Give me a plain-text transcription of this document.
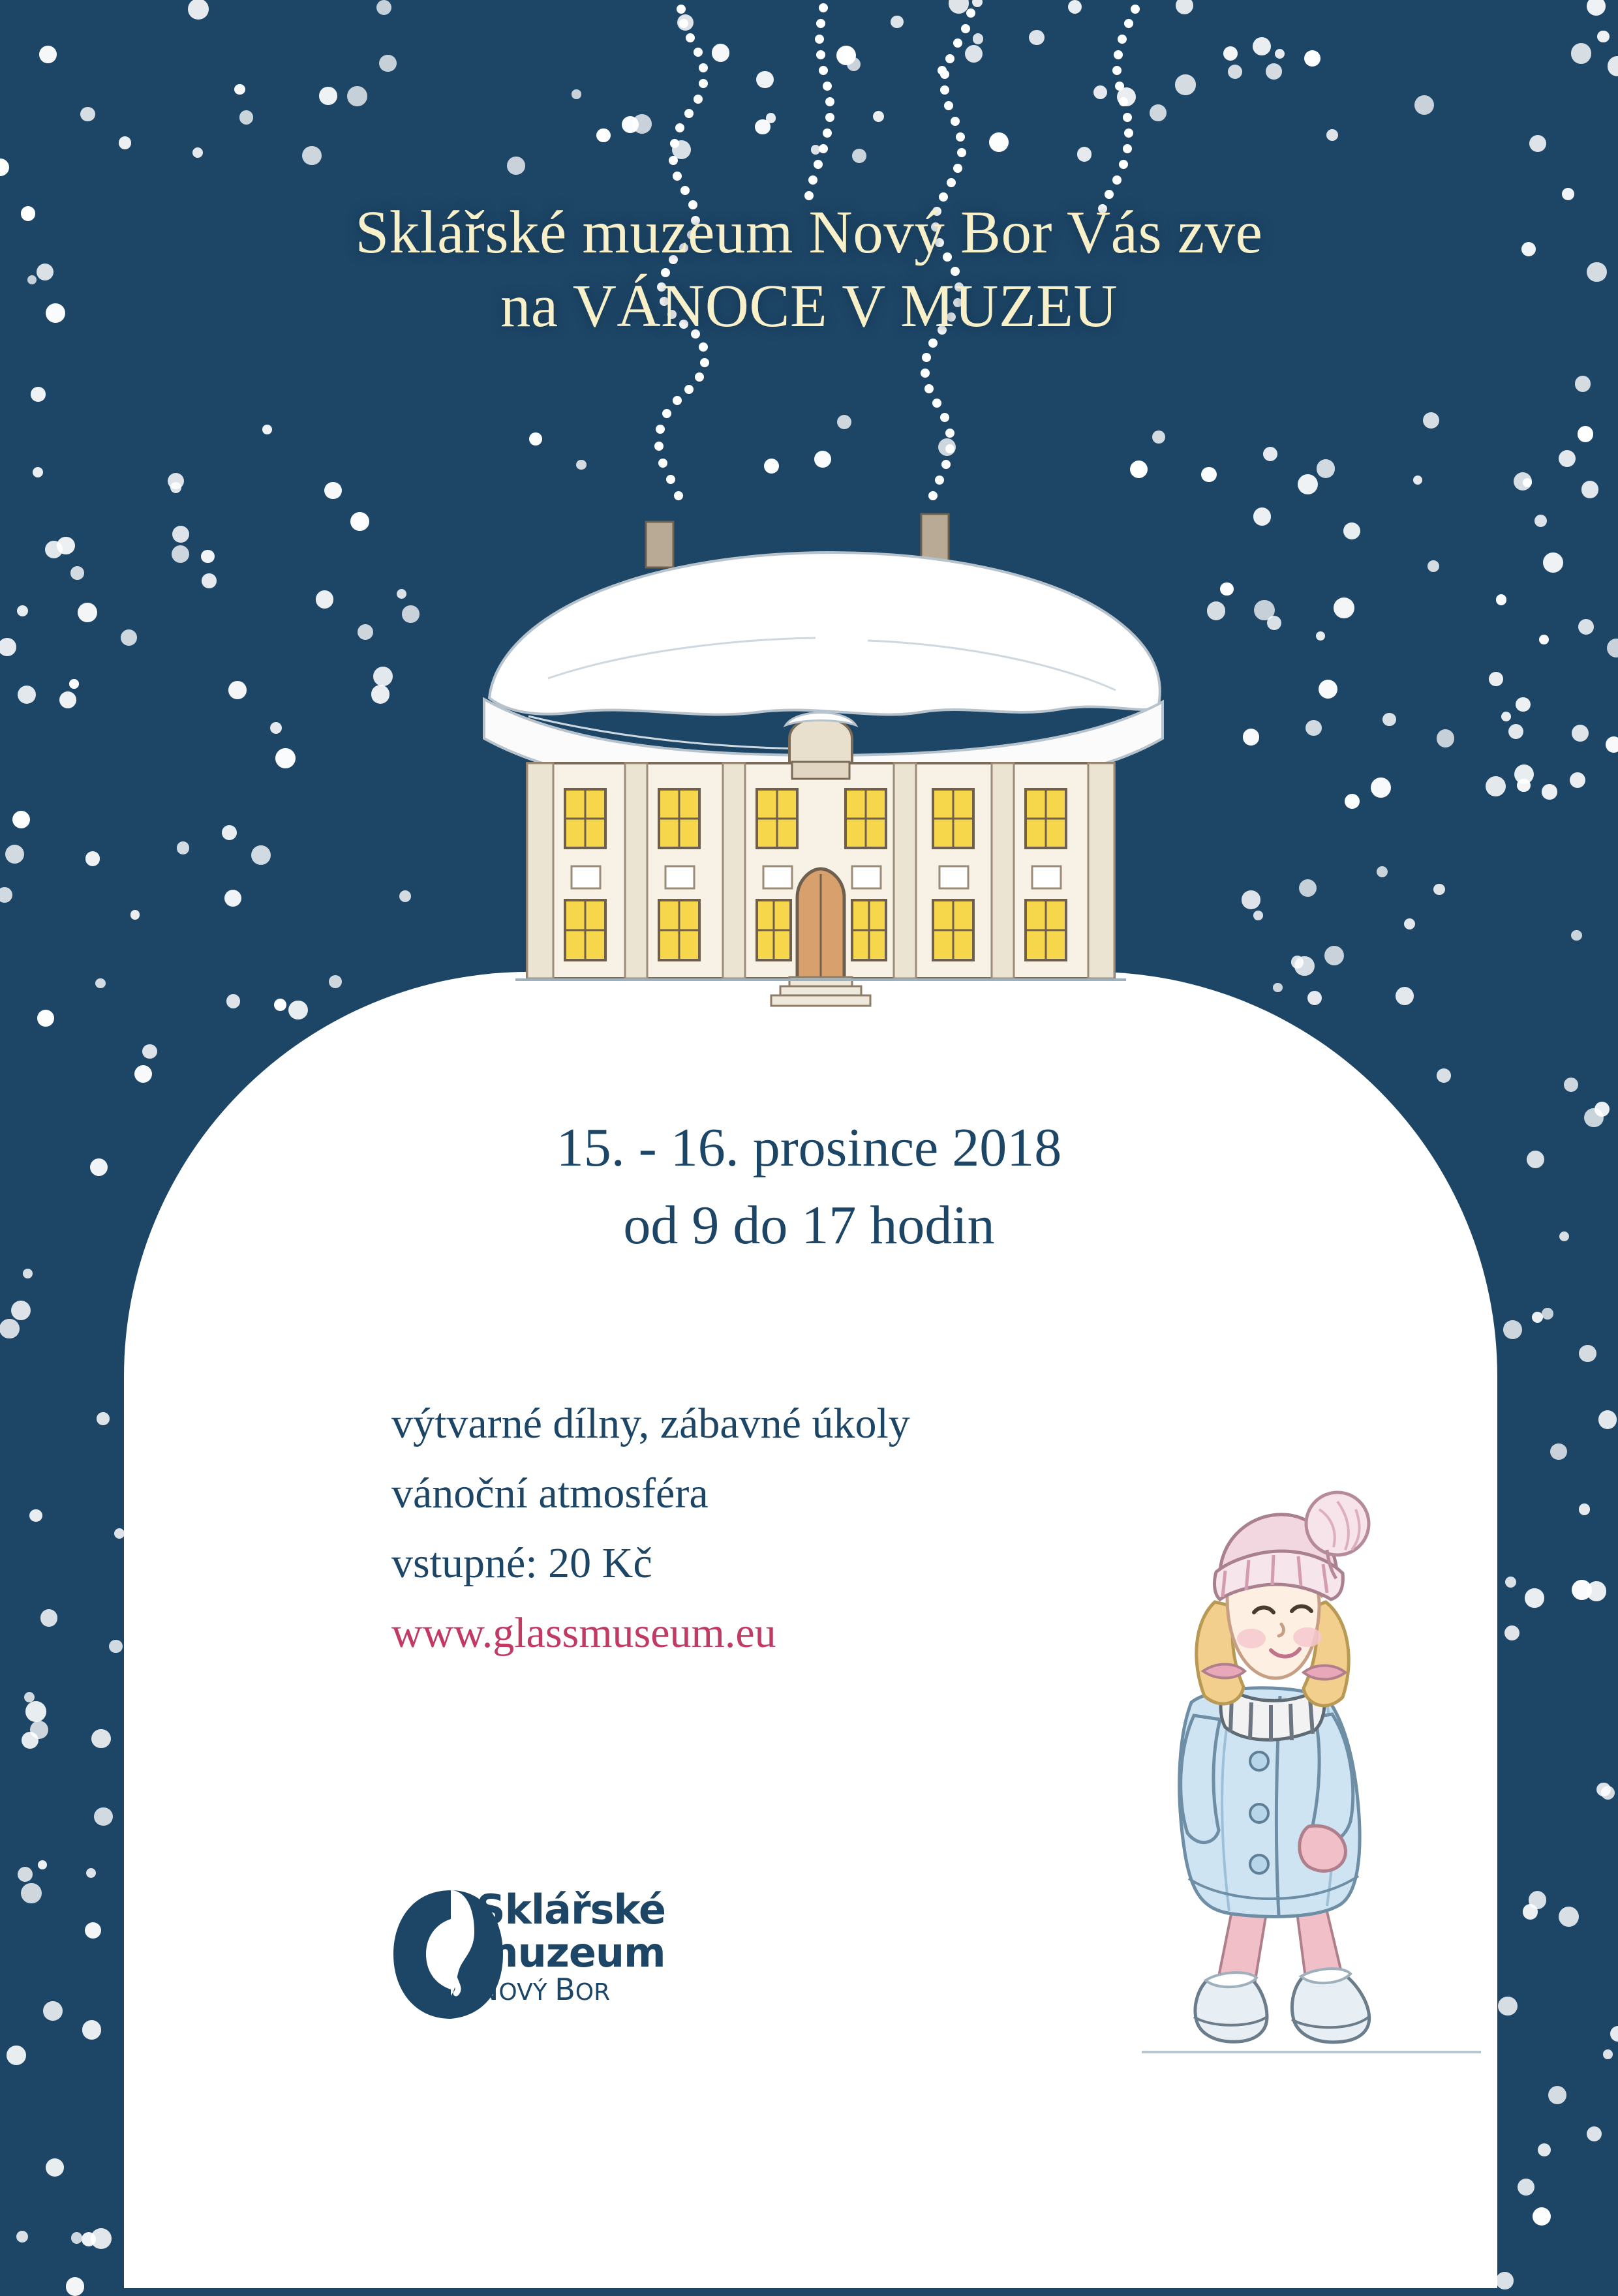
Sklářské muzeum Nový Bor Vás zve
na VÁNOCE V MUZEU
15. - 16. prosince 2018
od 9 do 17 hodin
výtvarné dílny, zábavné úkoly
vánoční atmosféra
vstupné: 20 Kč
www.glassmuseum.eu
Sklářské
muzeum
NOVÝ BOR
